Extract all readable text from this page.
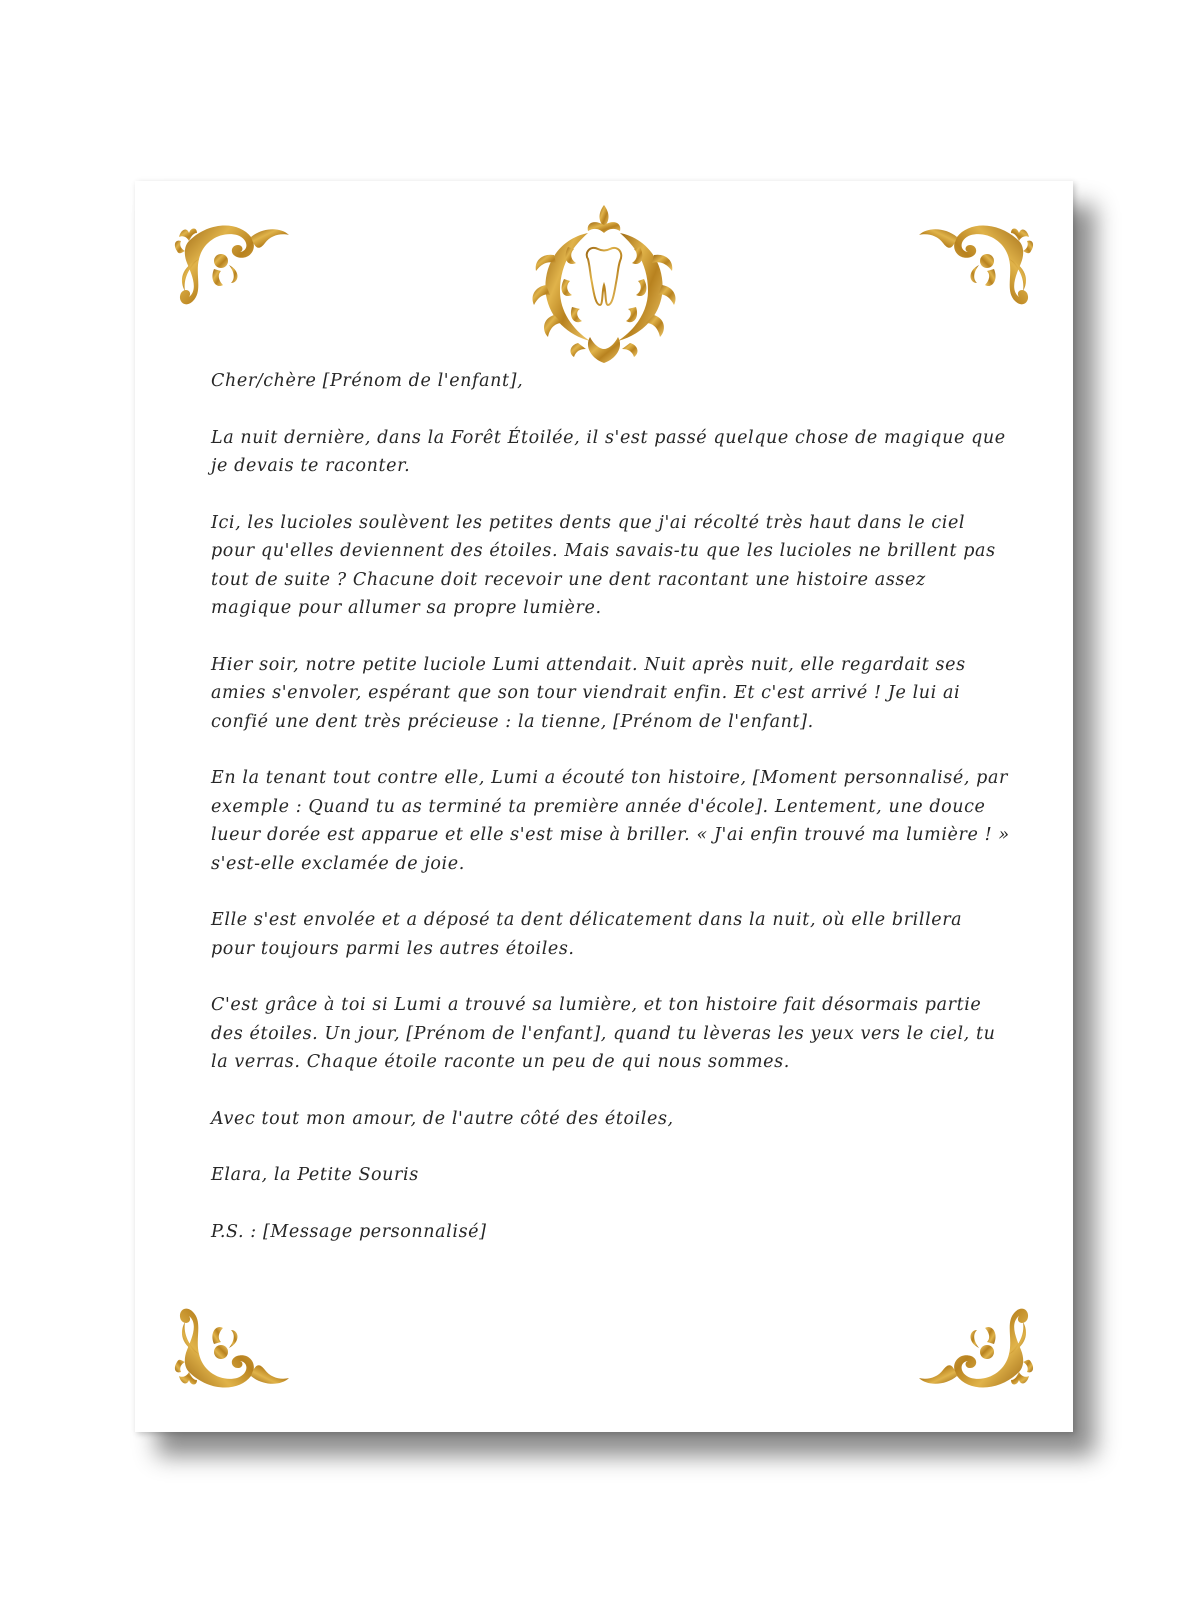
Cher/chère [Prénom de l'enfant],

La nuit dernière, dans la Forêt Étoilée, il s'est passé quelque chose de magique que je devais te raconter.

Ici, les lucioles soulèvent les petites dents que j'ai récolté très haut dans le ciel pour qu'elles deviennent des étoiles. Mais savais-tu que les lucioles ne brillent pas tout de suite ? Chacune doit recevoir une dent racontant une histoire assez magique pour allumer sa propre lumière.

Hier soir, notre petite luciole Lumi attendait. Nuit après nuit, elle regardait ses amies s'envoler, espérant que son tour viendrait enfin. Et c'est arrivé ! Je lui ai confié une dent très précieuse : la tienne, [Prénom de l'enfant].

En la tenant tout contre elle, Lumi a écouté ton histoire, [Moment personnalisé, par exemple : Quand tu as terminé ta première année d'école]. Lentement, une douce lueur dorée est apparue et elle s'est mise à briller. « J'ai enfin trouvé ma lumière ! » s'est-elle exclamée de joie.

Elle s'est envolée et a déposé ta dent délicatement dans la nuit, où elle brillera pour toujours parmi les autres étoiles.

C'est grâce à toi si Lumi a trouvé sa lumière, et ton histoire fait désormais partie des étoiles. Un jour, [Prénom de l'enfant], quand tu lèveras les yeux vers le ciel, tu la verras. Chaque étoile raconte un peu de qui nous sommes.

Avec tout mon amour, de l'autre côté des étoiles,

Elara, la Petite Souris

P.S. : [Message personnalisé]
